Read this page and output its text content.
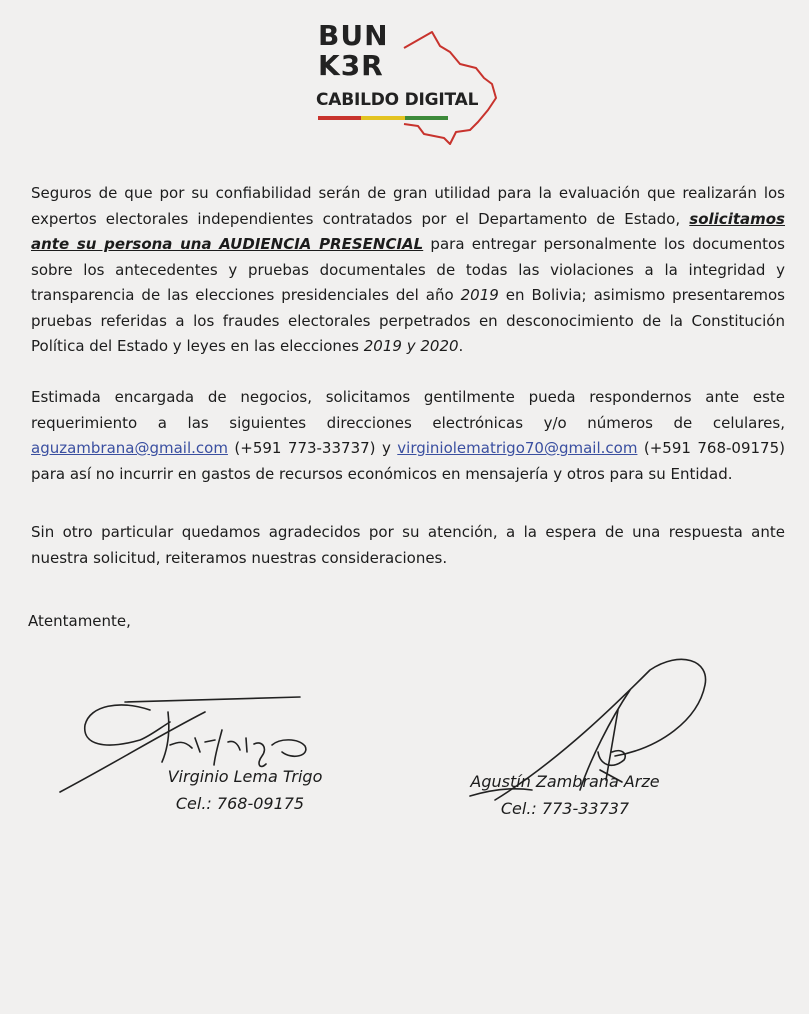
BUN
K3R
CABILDO DIGITAL
Seguros de que por su confiabilidad serán de gran utilidad para la evaluación que realizarán los expertos electorales independientes contratados por el Departamento de Estado, solicitamos ante su persona una AUDIENCIA PRESENCIAL para entregar personalmente los documentos sobre los antecedentes y pruebas documentales de todas las violaciones a la integridad y transparencia de las elecciones presidenciales del año 2019 en Bolivia; asimismo presentaremos pruebas referidas a los fraudes electorales perpetrados en desconocimiento de la Constitución Política del Estado y leyes en las elecciones 2019 y 2020.
Estimada encargada de negocios, solicitamos gentilmente pueda respondernos ante este requerimiento a las siguientes direcciones electrónicas y/o números de celulares, aguzambrana@gmail.com (+591 773-33737) y virginiolematrigo70@gmail.com (+591 768-09175) para así no incurrir en gastos de recursos económicos en mensajería y otros para su Entidad.
Sin otro particular quedamos agradecidos por su atención, a la espera de una respuesta ante nuestra solicitud, reiteramos nuestras consideraciones.
Atentamente,
Virginio Lema Trigo
Cel.: 768-09175
Agustín Zambrana Arze
Cel.: 773-33737
